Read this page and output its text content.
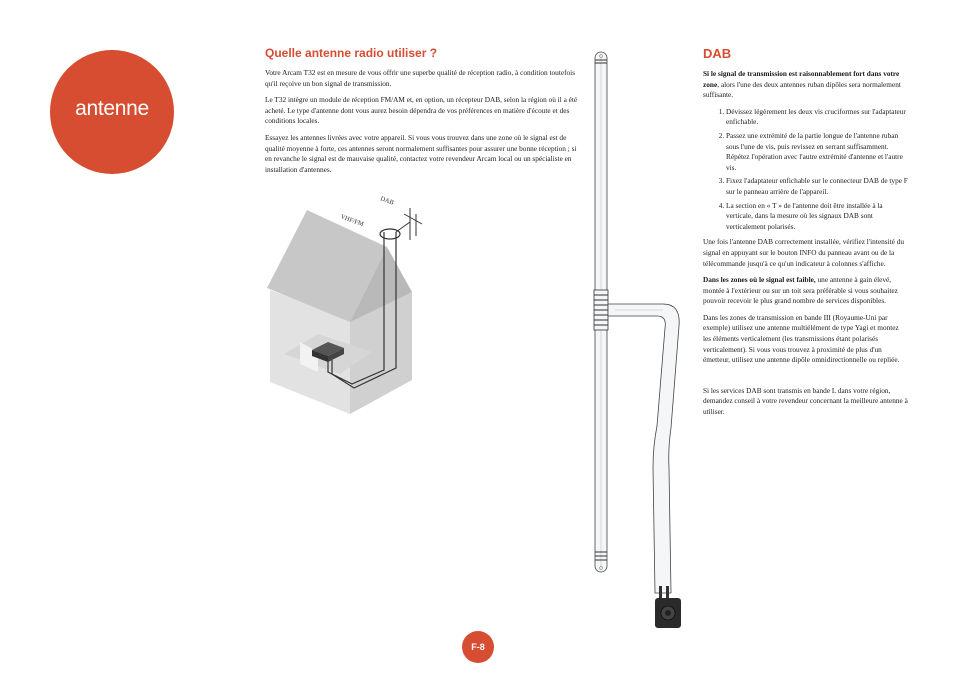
antenne
Quelle antenne radio utiliser ?

Votre Arcam T32 est en mesure de vous offrir une superbe qualité de réception radio, à condition toutefois qu'il reçoive un bon signal de transmission.

Le T32 intègre un module de réception FM/AM et, en option, un récepteur DAB, selon la région où il a été acheté. Le type d'antenne dont vous aurez besoin dépendra de vos préférences en matière d'écoute et des conditions locales.

Essayez les antennes livrées avec votre appareil. Si vous vous trouvez dans une zone où le signal est de qualité moyenne à forte, ces antennes seront normalement suffisantes pour assurer une bonne réception ; si en revanche le signal est de mauvaise qualité, contactez votre revendeur Arcam local ou un spécialiste en installation d'antennes.

VHF/FM
DAB
DAB

Si le signal de transmission est raisonnablement fort dans votre zone, alors l'une des deux antennes ruban dipôles sera normalement suffisante.

1. Dévissez légèrement les deux vis cruciformes sur l'adaptateur enfichable.
2. Passez une extrémité de la partie longue de l'antenne ruban sous l'une de vis, puis revissez en serrant suffisamment. Répétez l'opération avec l'autre extrémité d'antenne et l'autre vis.
3. Fixez l'adaptateur enfichable sur le connecteur DAB de type F sur le panneau arrière de l'appareil.
4. La section en « T » de l'antenne doit être installée à la verticale, dans la mesure où les signaux DAB sont verticalement polarisés.

Une fois l'antenne DAB correctement installée, vérifiez l'intensité du signal en appuyant sur le bouton INFO du panneau avant ou de la télécommande jusqu'à ce qu'un indicateur à colonnes s'affiche.

Dans les zones où le signal est faible, une antenne à gain élevé, montée à l'extérieur ou sur un toit sera préférable si vous souhaitez pouvoir recevoir le plus grand nombre de services disponibles.

Dans les zones de transmission en bande III (Royaume-Uni par exemple) utilisez une antenne multiélément de type Yagi et montez les éléments verticalement (les transmissions étant polarisés verticalement). Si vous vous trouvez à proximité de plus d'un émetteur, utilisez une antenne dipôle omnidirectionnelle ou repliée.

Si les services DAB sont transmis en bande L dans votre région, demandez conseil à votre revendeur concernant la meilleure antenne à utiliser.

F-8
